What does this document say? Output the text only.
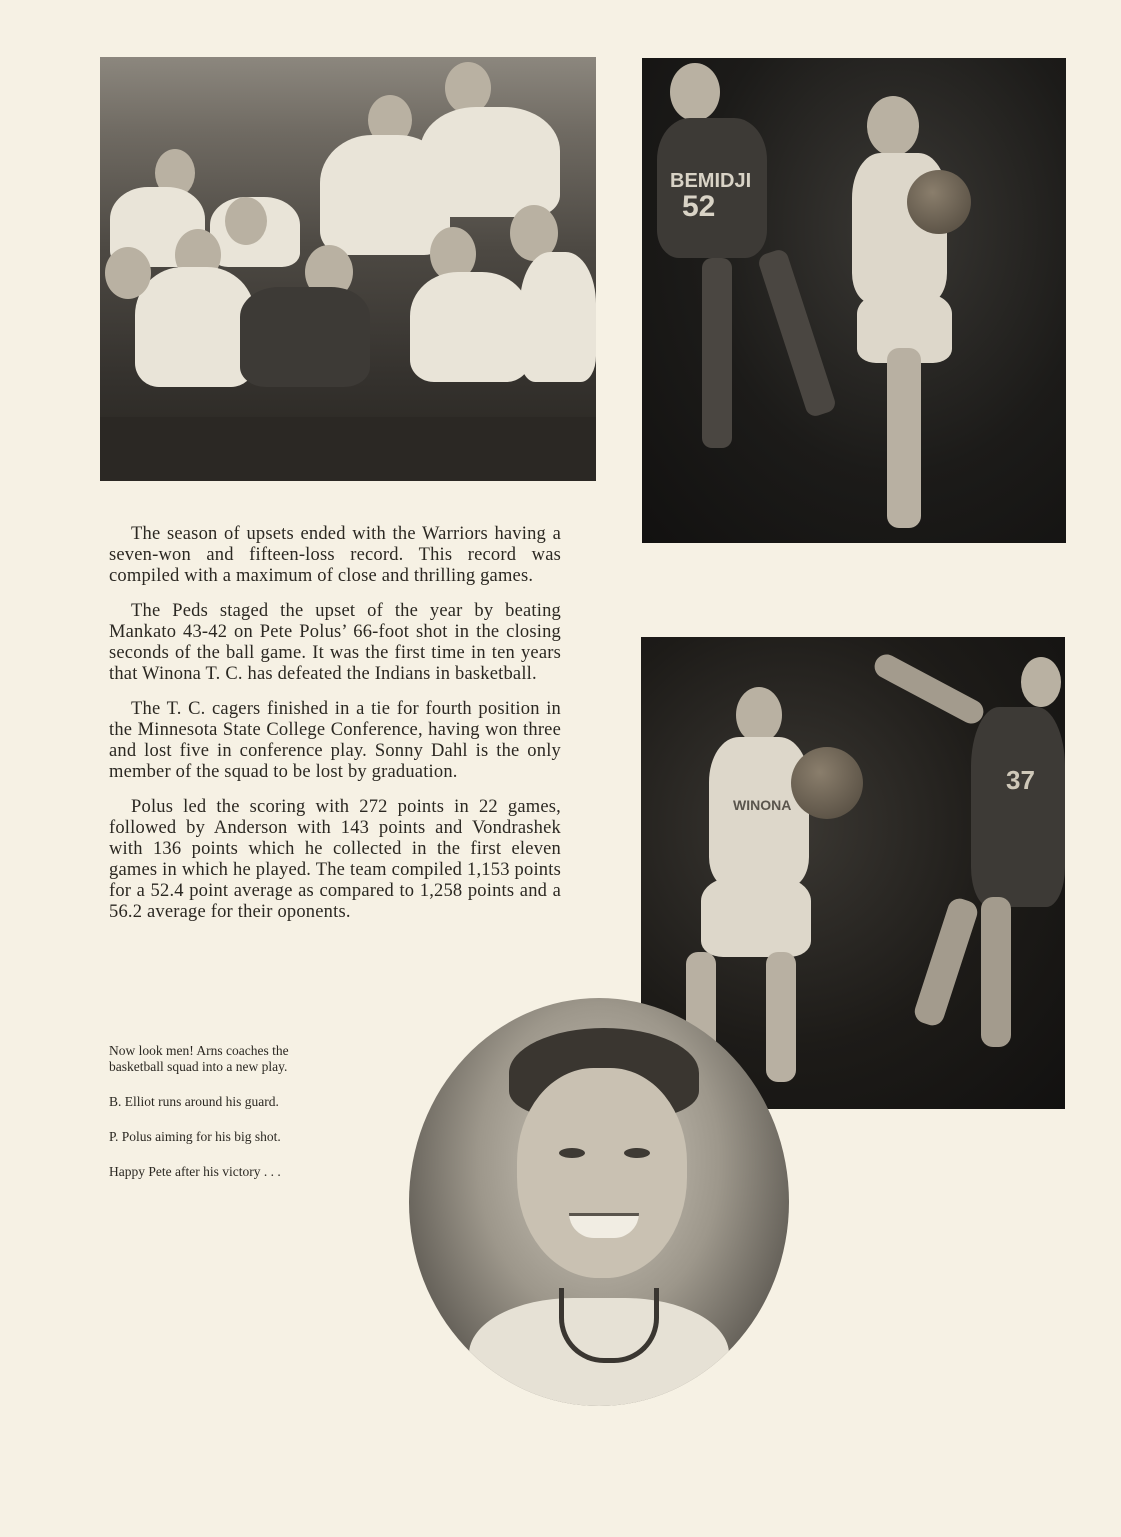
BEMIDJI
52
WINONA
37

The season of upsets ended with the Warriors having a seven-won and fifteen-loss record. This record was compiled with a maximum of close and thrilling games.

The Peds staged the upset of the year by beating Mankato 43-42 on Pete Polus’ 66-foot shot in the closing seconds of the ball game. It was the first time in ten years that Winona T. C. has defeated the Indians in basketball.

The T. C. cagers finished in a tie for fourth position in the Minnesota State College Conference, having won three and lost five in conference play. Sonny Dahl is the only member of the squad to be lost by graduation.

Polus led the scoring with 272 points in 22 games, followed by Anderson with 143 points and Vondrashek with 136 points which he collected in the first eleven games in which he played. The team compiled 1,153 points for a 52.4 point average as compared to 1,258 points and a 56.2 average for their oponents.

Now look men! Arns coaches the basketball squad into a new play.

B. Elliot runs around his guard.

P. Polus aiming for his big shot.

Happy Pete after his victory . . .
